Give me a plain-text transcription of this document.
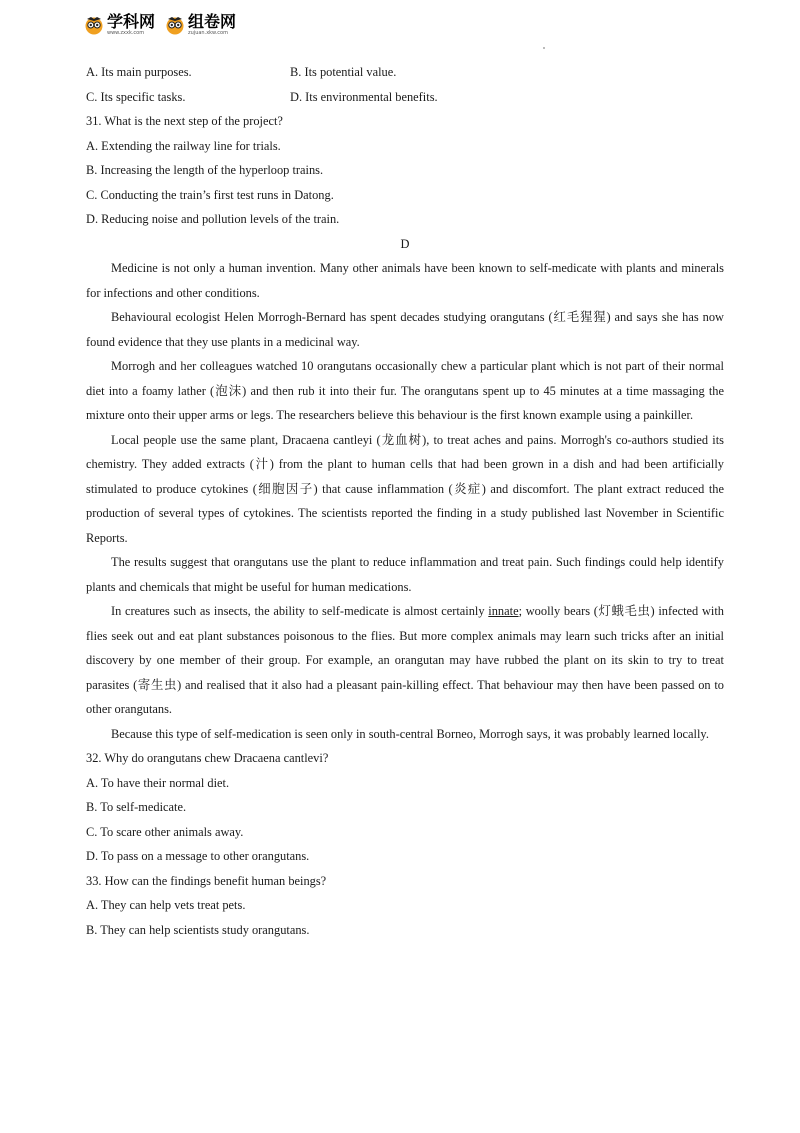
学科网
www.zxxk.com
组卷网
zujuan.xkw.com
A. Its main purposes.	B. Its potential value.
C. Its specific tasks.	D. Its environmental benefits.

31. What is the next step of the project?

A. Extending the railway line for trials.

B. Increasing the length of the hyperloop trains.

C. Conducting the train’s first test runs in Datong.

D. Reducing noise and pollution levels of the train.

D

Medicine is not only a human invention. Many other animals have been known to self-medicate with plants and minerals for infections and other conditions.

Behavioural ecologist Helen Morrogh-Bernard has spent decades studying orangutans (红毛猩猩) and says she has now found evidence that they use plants in a medicinal way.

Morrogh and her colleagues watched 10 orangutans occasionally chew a particular plant which is not part of their normal diet into a foamy lather (泡沫) and then rub it into their fur. The orangutans spent up to 45 minutes at a time massaging the mixture onto their upper arms or legs. The researchers believe this behaviour is the first known example using a painkiller.

Local people use the same plant, Dracaena cantleyi (龙血树), to treat aches and pains. Morrogh's co-authors studied its chemistry. They added extracts (汁) from the plant to human cells that had been grown in a dish and had been artificially stimulated to produce cytokines (细胞因子) that cause inflammation (炎症) and discomfort. The plant extract reduced the production of several types of cytokines. The scientists reported the finding in a study published last November in Scientific Reports.

The results suggest that orangutans use the plant to reduce inflammation and treat pain. Such findings could help identify plants and chemicals that might be useful for human medications.

In creatures such as insects, the ability to self-medicate is almost certainly innate; woolly bears (灯蛾毛虫) infected with flies seek out and eat plant substances poisonous to the flies. But more complex animals may learn such tricks after an initial discovery by one member of their group. For example, an orangutan may have rubbed the plant on its skin to try to treat parasites (寄生虫) and realised that it also had a pleasant pain-killing effect. That behaviour may then have been passed on to other orangutans.

Because this type of self-medication is seen only in south-central Borneo, Morrogh says, it was probably learned locally.

32. Why do orangutans chew Dracaena cantlevi?

A. To have their normal diet.

B. To self-medicate.

C. To scare other animals away.

D. To pass on a message to other orangutans.

33. How can the findings benefit human beings?

A. They can help vets treat pets.

B. They can help scientists study orangutans.
